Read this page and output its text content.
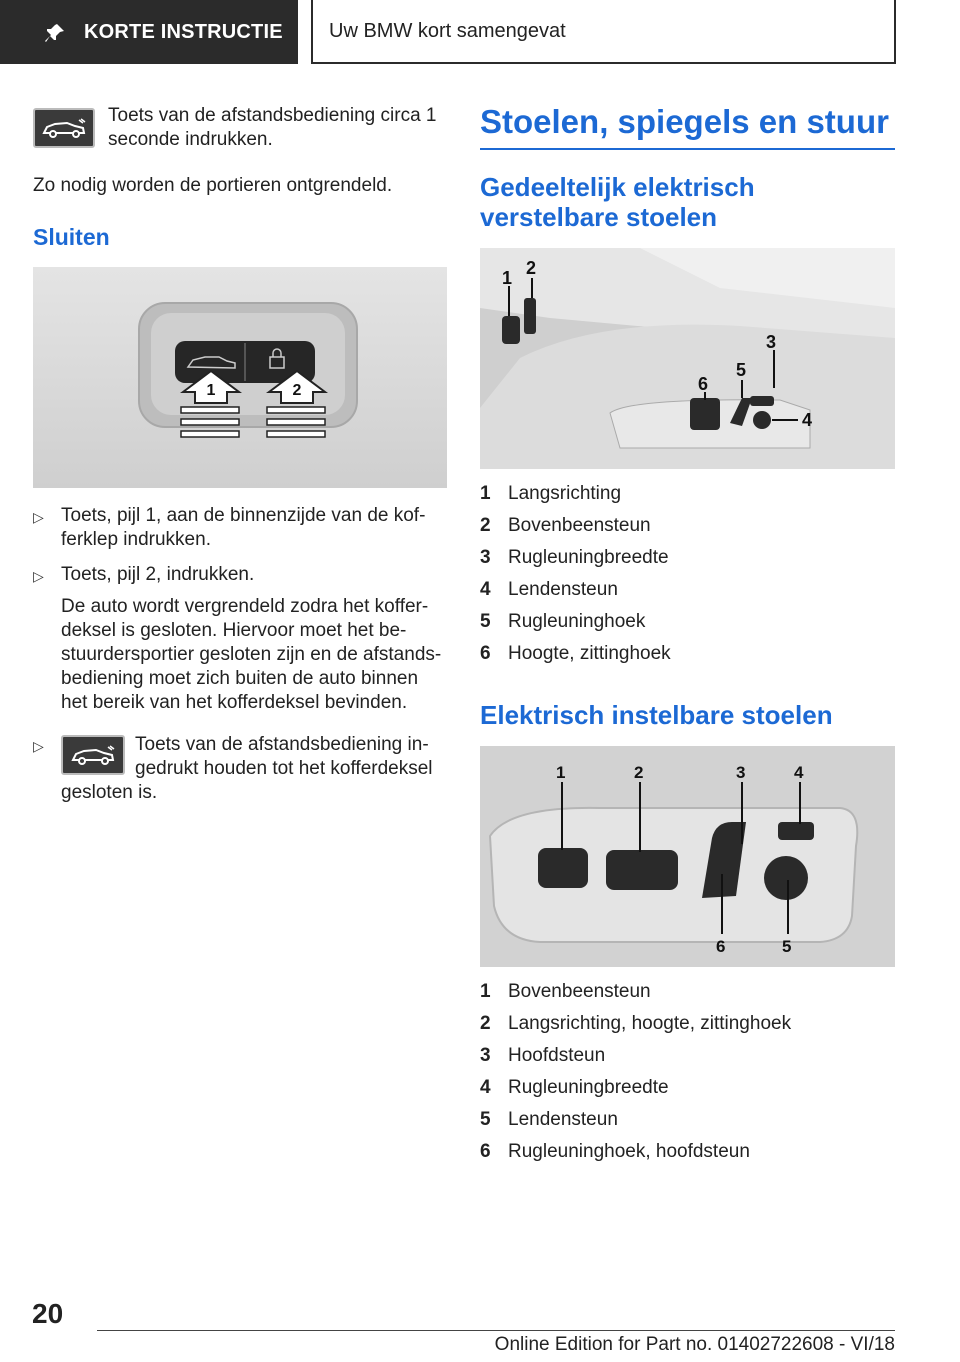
KORTE INSTRUCTIE	Uw BMW kort samengevat

Toets van de afstandsbediening circa 1 seconde indrukken.

Zo nodig worden de portieren ontgrendeld.

Sluiten
1	2
▷ Toets, pijl 1, aan de binnenzijde van de kof-ferklep indrukken.
▷ Toets, pijl 2, indrukken.
De auto wordt vergrendeld zodra het koffer-deksel is gesloten. Hiervoor moet het be-stuurdersportier gesloten zijn en de afstands-bediening moet zich buiten de auto binnen het bereik van het kofferdeksel bevinden.
▷	Toets van de afstandsbediening in-gedrukt houden tot het kofferdeksel gesloten is.
Stoelen, spiegels en stuur
Gedeeltelijk elektrisch verstelbare stoelen
1 2
3
4
5
6
1 Langsrichting
2 Bovenbeensteun
3 Rugleuningbreedte
4 Lendensteun
5 Rugleuninghoek
6 Hoogte, zittinghoek
Elektrisch instelbare stoelen
1	2	3	4
5
6
1 Bovenbeensteun
2 Langsrichting, hoogte, zittinghoek
3 Hoofdsteun
4 Rugleuningbreedte
5 Lendensteun
6 Rugleuninghoek, hoofdsteun
20
Online Edition for Part no. 01402722608 - VI/18
